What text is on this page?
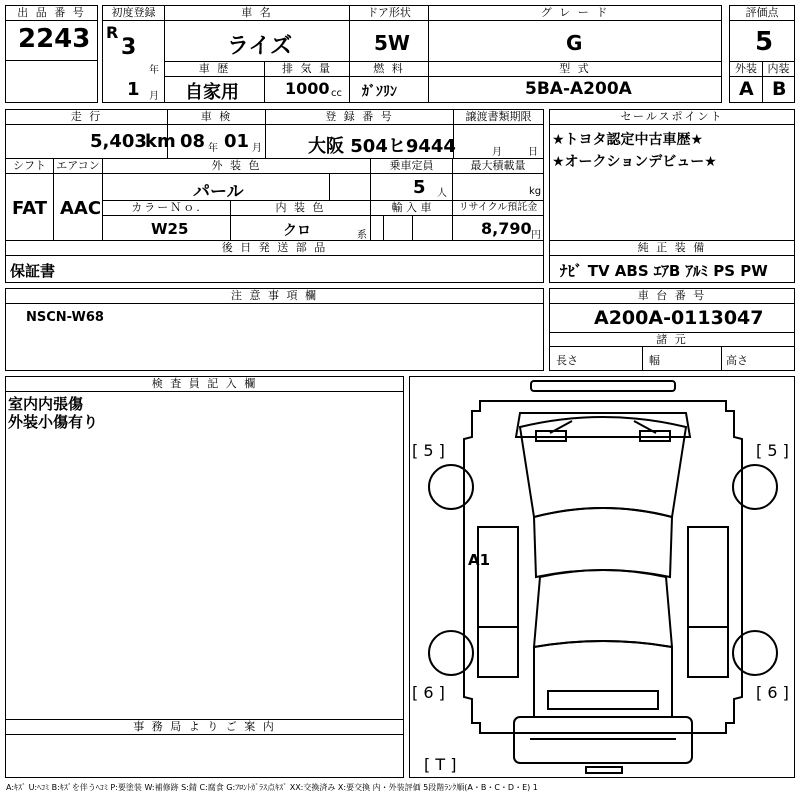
出 品 番 号
2243
初度登録
R
3
年
1 月
車 名
ライズ
ドア形状
5W
グ レ ー ド
G
評価点
5
車 歴
自家用
排 気 量
1000 cc
燃 料
ｶﾞｿﾘﾝ
型 式
5BA-A200A
外装
A
内装
B
走 行
5,403
km
車 検
08 年 01 月
登 録 番 号
大阪 504ヒ9444
譲渡書類期限
月	日
シフト
FAT
エアコン
AAC
外 装 色
パール
乗車定員
5 人
最大積載量
kg
カラーＮｏ.
W25
内 装 色
クロ	系
輸 入 車	リサイクル預託金
8,790 円
セールスポイント
★トヨタ認定中古車歴★
★オークションデビュー★
後 日 発 送 部 品
保証書
純 正 装 備
ﾅﾋﾞ TV ABS ｴｱB ｱﾙﾐ PS PW
注 意 事 項 欄
NSCN-W68
車 台 番 号
A200A-0113047
諸 元
長さ	幅	高さ
検 査 員 記 入 欄
室内内張傷
外装小傷有り
事 務 局 よ り ご 案 内
[ 5 ]	[ 5 ]
[ 6 ]	[ 6 ]
[ T ]
A1
A:ｷｽﾞ U:ﾍｺﾐ B:ｷｽﾞを伴うﾍｺﾐ P:要塗装 W:補修跡 S:錆 C:腐食 G:ﾌﾛﾝﾄｶﾞﾗｽ点ｷｽﾞ XX:交換済み X:要交換 内・外装評価 5段階ﾗﾝｸ順(A・B・C・D・E) 1
